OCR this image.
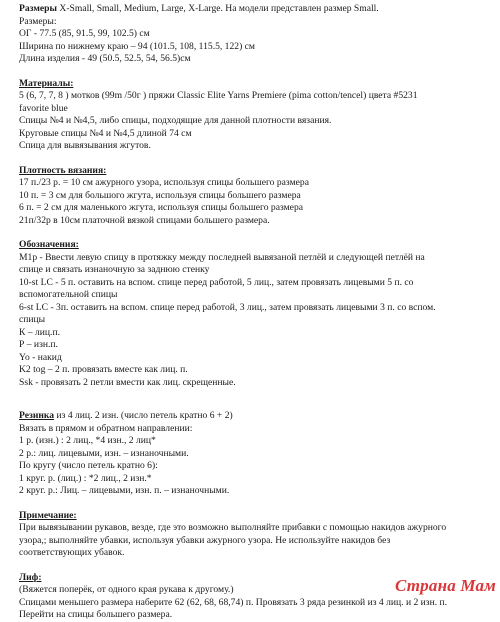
Размеры X-Small, Small, Medium, Large, X-Large. На модели представлен размер Small.
Размеры:
ОГ - 77.5 (85, 91.5, 99, 102.5) см
Ширина по нижнему краю – 94 (101.5, 108, 115.5, 122) см
Длина изделия - 49 (50.5, 52.5, 54, 56.5)см
Материалы:
5 (6, 7, 7, 8 ) мотков (99m /50г ) пряжи Classic Elite Yarns Premiere (pima cotton/tencel) цвета #5231
favorite blue
Спицы №4 и №4,5, либо спицы, подходящие для данной плотности вязания.
Круговые спицы №4 и №4,5 длиной 74 см
Спица для вывязывания жгутов.
Плотность вязания:
17 п./23 р. = 10 см ажурного узора, используя спицы большего размера
10 п. = 3 см для большого жгута, используя спицы большего размера
6 п. = 2 см для маленького жгута, используя спицы большего размера
21п/32р в 10см платочной вязкой спицами большего размера.
Обозначения:
M1p - Ввести левую спицу в протяжку между последней вывязаной петлёй и следующей петлёй на
спице и связать изнаночную за заднюю стенку
10-st LC - 5 п. оставить на вспом. спице перед работой, 5 лиц., затем провязать лицевыми 5 п. со
вспомогательной спицы
6-st LC - 3п. оставить на вспом. спице перед работой, 3 лиц., затем провязать лицевыми 3 п. со вспом.
спицы
К – лиц.п.
Р – изн.п.
Yo - накид
K2 tog – 2 п. провязать вместе как лиц. п.
Ssk - провязать 2 петли вмести как лиц. скрещенные.
Резинка из 4 лиц. 2 изн. (число петель кратно 6 + 2)
Вязать в прямом и обратном направлении:
1 р. (изн.) : 2 лиц., *4 изн., 2 лиц*
2 р.: лиц. лицевыми, изн. – изнаночными.
По кругу (число петель кратно 6):
1 круг. р. (лиц.) : *2 лиц., 2 изн.*
2 круг. р.: Лиц. – лицевыми, изн. п. – изнаночными.
Примечание:
При вывязывании рукавов, везде, где это возможно выполняйте прибавки с помощью накидов ажурного
узора,; выполняйте убавки, используя убавки ажурного узора. Не используйте накидов без
соответствующих убавок.
Лиф:
(Вяжется поперёк, от одного края рукава к другому.)
Спицами меньшего размера наберите 62 (62, 68, 68,74) п. Провязать 3 ряда резинкой из 4 лиц. и 2 изн. п.
Перейти на спицы большего размера.
Страна Мам
